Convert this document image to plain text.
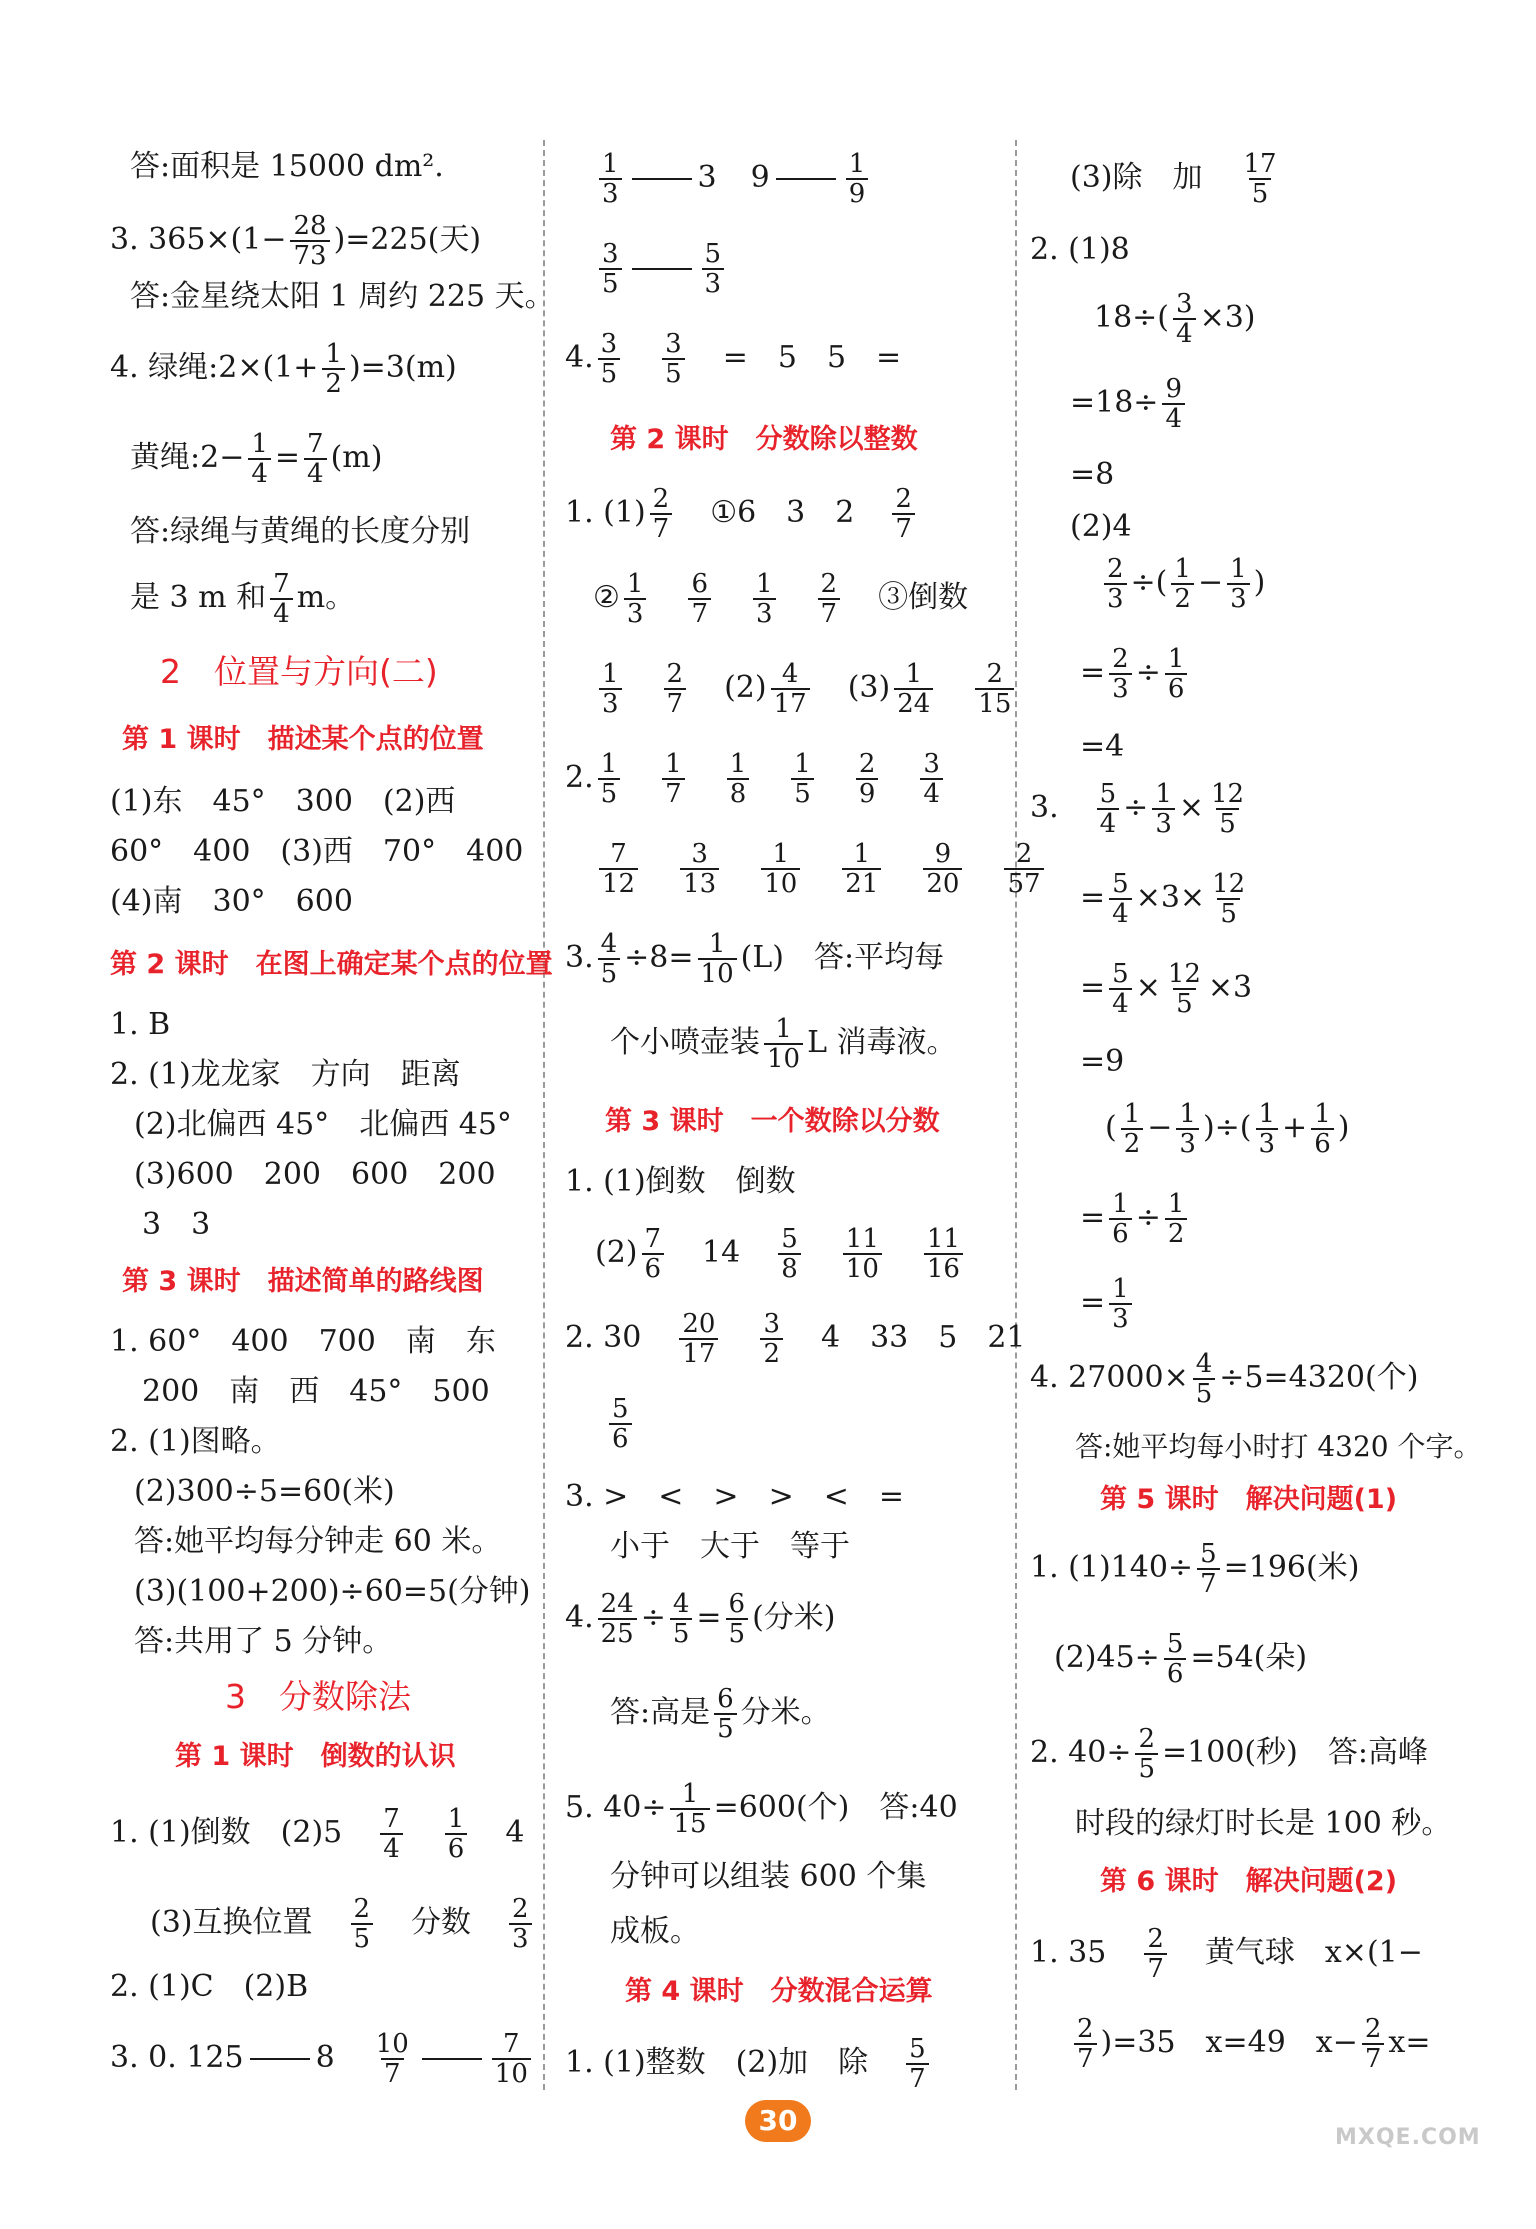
答:面积是 15000 dm².
3. $365\times(1- \frac{28}{73} )=225$(天)
答:金星绕太阳 1 周约 225 天。
4. 绿绳:2×(1+ $\frac{1}{2} )=3(m)$
黄绳:2− $\frac{1}{4} = \frac{7}{4} (m)$
答:绿绳与黄绳的长度分别
是 3 m 和 $\frac{7}{4}$ m。
2　位置与方向(二)
第 1 课时　描述某个点的位置
(1)东　45°　300　(2)西
60°　400　(3)西　70°　400
(4)南　30°　600
第 2 课时　在图上确定某个点的位置
1. B
2. (1)龙龙家　方向　距离
(2)北偏西 45°　北偏西 45°
(3)600　200　600　200
3　3
第 3 课时　描述简单的路线图
1. 60°　400　700　南　东
200　南　西　45°　500
2. (1)图略。
(2)300÷5=60(米)
答:她平均每分钟走 60 米。
(3)(100+200)÷60=5(分钟)
答:共用了 5 分钟。
3　分数除法
第 1 课时　倒数的认识
1. (1)倒数　$(2)5 \frac{7}{4} \frac{1}{6} 4$
(3)互换位置 $\frac{2}{5}$ 分数 $\frac{2}{3}$
2. (1)C　(2)B
3. 0. 125 $8 \frac{10}{7}$	$\frac{7}{10}$
$\frac{1}{3}$	3 9	$\frac{1}{9}$
$\frac{3}{5}$	$\frac{5}{3}$
4. $\frac{3}{5} \frac{3}{5}$ =　5　5　=
第 2 课时　分数除以整数
1. $(1) \frac{2}{7}$ ①6　3　$2 \frac{2}{7}$
② $\frac{1}{3} \frac{6}{7} \frac{1}{3} \frac{2}{7}$ ③倒数
$\frac{1}{3} \frac{2}{7} (2) \frac{4}{17} (3) \frac{1}{24} \frac{2}{15}$
2. $\frac{1}{5} \frac{1}{7} \frac{1}{8} \frac{1}{5} \frac{2}{9} \frac{3}{4}$
$\frac{7}{12} \frac{3}{13} \frac{1}{10} \frac{1}{21} \frac{9}{20} \frac{2}{57}$
3. $\frac{4}{5} \div 8= \frac{1}{10} (L)$　答:平均每
个小喷壶装 $\frac{1}{10}$ L 消毒液。
第 3 课时　一个数除以分数
1. (1)倒数　倒数
$(2) \frac{7}{6} 14 \frac{5}{8} \frac{11}{10} \frac{11}{16}$
2. $30 \frac{20}{17} \frac{3}{2} 4$　33　5　21
$\frac{5}{6}$
3. >　<　>　>　<　=
小于　大于　等于
4. $\frac{24}{25} \div \frac{4}{5} = \frac{6}{5}$ (分米)
答:高是 $\frac{6}{5}$ 分米。
5. $40\div \frac{1}{15} =600$(个)　答:40
分钟可以组装 600 个集
成板。
第 4 课时　分数混合运算
1. (1)整数　(2)加　除 $\frac{5}{7}$
(3)除　加 $\frac{17}{5}$
2. (1)8
$18\div( \frac{3}{4} \times 3)$
$=18\div \frac{9}{4}$
=8
(2)4
$\frac{2}{3}$ ÷( $\frac{1}{2} - \frac{1}{3}$ )
= $\frac{2}{3} \div \frac{1}{6}$
=4
3. $\frac{5}{4} \div \frac{1}{3} \times \frac{12}{5}$
= $\frac{5}{4} \times 3\times \frac{12}{5}$
= $\frac{5}{4} \times \frac{12}{5} \times 3$
=9
( $\frac{1}{2} - \frac{1}{3}$ )÷( $\frac{1}{3} + \frac{1}{6}$ )
= $\frac{1}{6} \div \frac{1}{2}$
= $\frac{1}{3}$
4. $27000\times \frac{4}{5} \div 5=4320$(个)
答:她平均每小时打 4320 个字。
第 5 课时　解决问题(1)
1. $(1)140\div \frac{5}{7} =196$(米)
$(2)45\div \frac{5}{6} =54$(朵)
2. $40\div \frac{2}{5} =100$(秒)　答:高峰
时段的绿灯时长是 100 秒。
第 6 课时　解决问题(2)
1. $35 \frac{2}{7}$ 黄气球　x×(1−
$\frac{2}{7} )=35$　x=49　$x- \frac{2}{7} x=$
30
MXQE.COM
